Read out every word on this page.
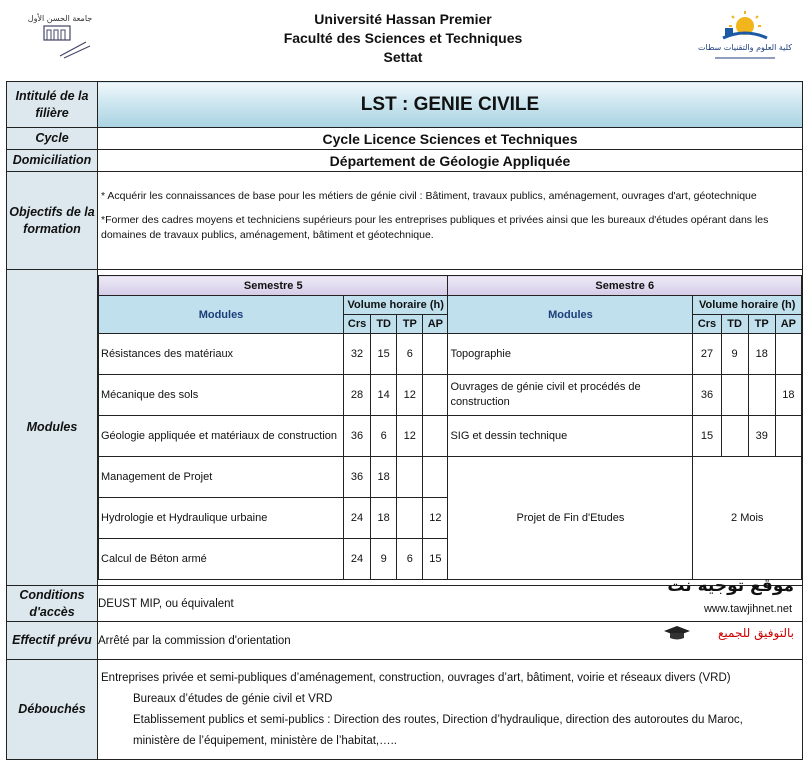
جامعة الحسن الأول	Université Hassan Premier
Faculté des Sciences et Techniques
Settat
كلية العلوم والتقنيات سطات
Intitulé de la filière	LST : GENIE CIVILE
Cycle	Cycle Licence Sciences et Techniques
Domiciliation	Département de Géologie Appliquée
Objectifs de la formation	

* Acquérir les connaissances de base pour les métiers de génie civil : Bâtiment, travaux publics, aménagement, ouvrages d'art, géotechnique

*Former des cadres moyens et techniciens supérieurs pour les entreprises publiques et privées ainsi que les bureaux d'études opérant dans les domaines de travaux publics, aménagement, bâtiment et géotechnique.

Modules	
Semestre 5	Semestre 6
Modules	Volume horaire (h)	Modules	Volume horaire (h)
Crs	TD	TP	AP	Crs	TD	TP	AP
Résistances des matériaux	32	15	6		Topographie	27	9	18	
Mécanique des sols	28	14	12		Ouvrages de génie civil et procédés de construction	36			18
Géologie appliquée et matériaux de construction	36	6	12		SIG et dessin technique	15		39	
Management de Projet	36	18			Projet de Fin d'Etudes	2 Mois
Hydrologie et Hydraulique urbaine	24	18		12
Calcul de Béton armé	24	9	6	15

Conditions d'accès	DEUST MIP, ou équivalent
Effectif prévu	Arrêté par la commission d'orientation
Débouchés	
Entreprises privée et semi-publiques d’aménagement, construction, ouvrages d’art, bâtiment, voirie et réseaux divers (VRD)
Bureaux d’études de génie civil et VRD
Etablissement publics et semi-publics : Direction des routes, Direction d’hydraulique, direction des autoroutes du Maroc,
ministère de l’équipement, ministère de l’habitat,…..
موقع توجيه نت
www.tawjihnet.net
بالتوفيق للجميع
